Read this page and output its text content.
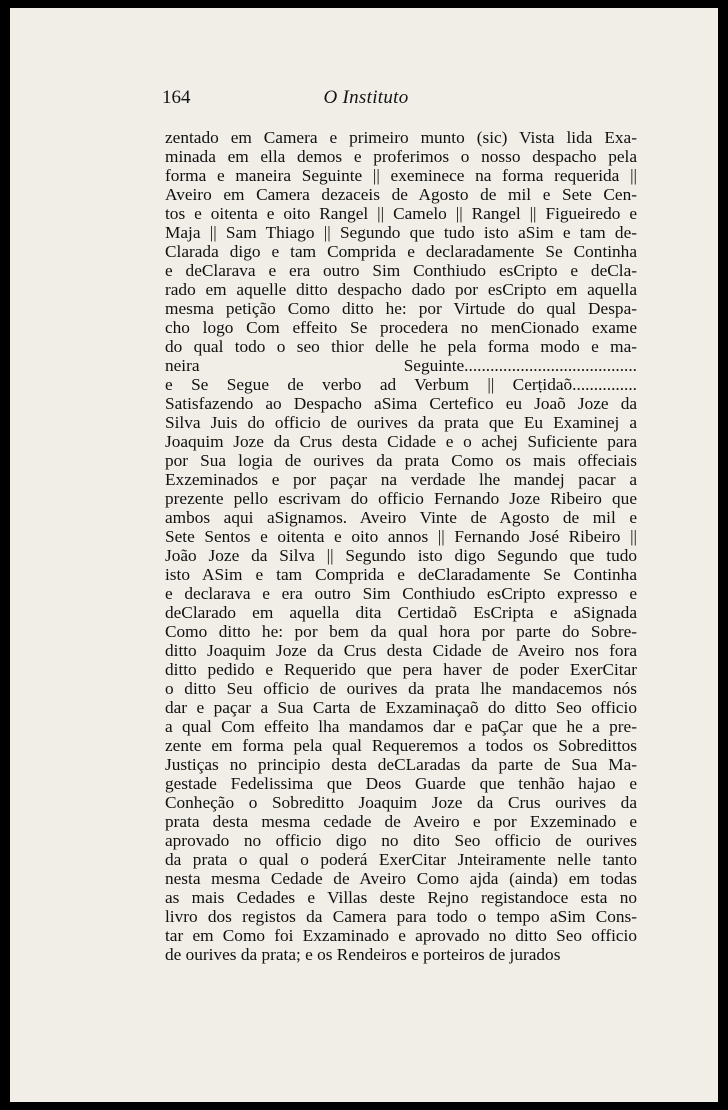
164	O Instituto
zentado em Camera e primeiro munto (sic) Vista lida Exa-
minada em ella demos e proferimos o nosso despacho pela
forma e maneira Seguinte || exeminece na forma requerida ||
Aveiro em Camera dezaceis de Agosto de mil e Sete Cen-
tos e oitenta e oito Rangel || Camelo || Rangel || Figueiredo e
Maja || Sam Thiago || Segundo que tudo isto aSim e tam de-
Clarada digo e tam Comprida e declaradamente Se Continha
e deClarava e era outro Sim Conthiudo esCripto e deCla-
rado em aquelle ditto despacho dado por esCripto em aquella
mesma petição Como ditto he: por Virtude do qual Despa-
cho logo Com effeito Se procedera no menCionado exame
do qual todo o seo thior delle he pela forma modo e ma-
neira Seguinte........................................
e Se Segue de verbo ad Verbum || Cerṭidaõ...............
Satisfazendo ao Despacho aSima Certefico eu Joaõ Joze da
Silva Juis do officio de ourives da prata que Eu Examinej a
Joaquim Joze da Crus desta Cidade e o achej Suficiente para
por Sua logia de ourives da prata Como os mais offeciais
Exzeminados e por paçar na verdade lhe mandej pacar a
prezente pello escrivam do officio Fernando Joze Ribeiro que
ambos aqui aSignamos. Aveiro Vinte de Agosto de mil e
Sete Sentos e oitenta e oito annos || Fernando José Ribeiro ||
João Joze da Silva || Segundo isto digo Segundo que tudo
isto ASim e tam Comprida e deClaradamente Se Continha
e declarava e era outro Sim Conthiudo esCripto expresso e
deClarado em aquella dita Certidaõ EsCripta e aSignada
Como ditto he: por bem da qual hora por parte do Sobre-
ditto Joaquim Joze da Crus desta Cidade de Aveiro nos fora
ditto pedido e Requerido que pera haver de poder ExerCitar
o ditto Seu officio de ourives da prata lhe mandacemos nós
dar e paçar a Sua Carta de Exzaminaçaõ do ditto Seo officio
a qual Com effeito lha mandamos dar e paÇar que he a pre-
zente em forma pela qual Requeremos a todos os Sobredittos
Justiças no principio desta deCLaradas da parte de Sua Ma-
gestade Fedelissima que Deos Guarde que tenhão hajao e
Conheção o Sobreditto Joaquim Joze da Crus ourives da
prata desta mesma cedade de Aveiro e por Exzeminado e
aprovado no officio digo no dito Seo officio de ourives
da prata o qual o poderá ExerCitar Jnteiramente nelle tanto
nesta mesma Cedade de Aveiro Como ajda (ainda) em todas
as mais Cedades e Villas deste Rejno registandoce esta no
livro dos registos da Camera para todo o tempo aSim Cons-
tar em Como foi Exzaminado e aprovado no ditto Seo officio
de ourives da prata; e os Rendeiros e porteiros de jurados
